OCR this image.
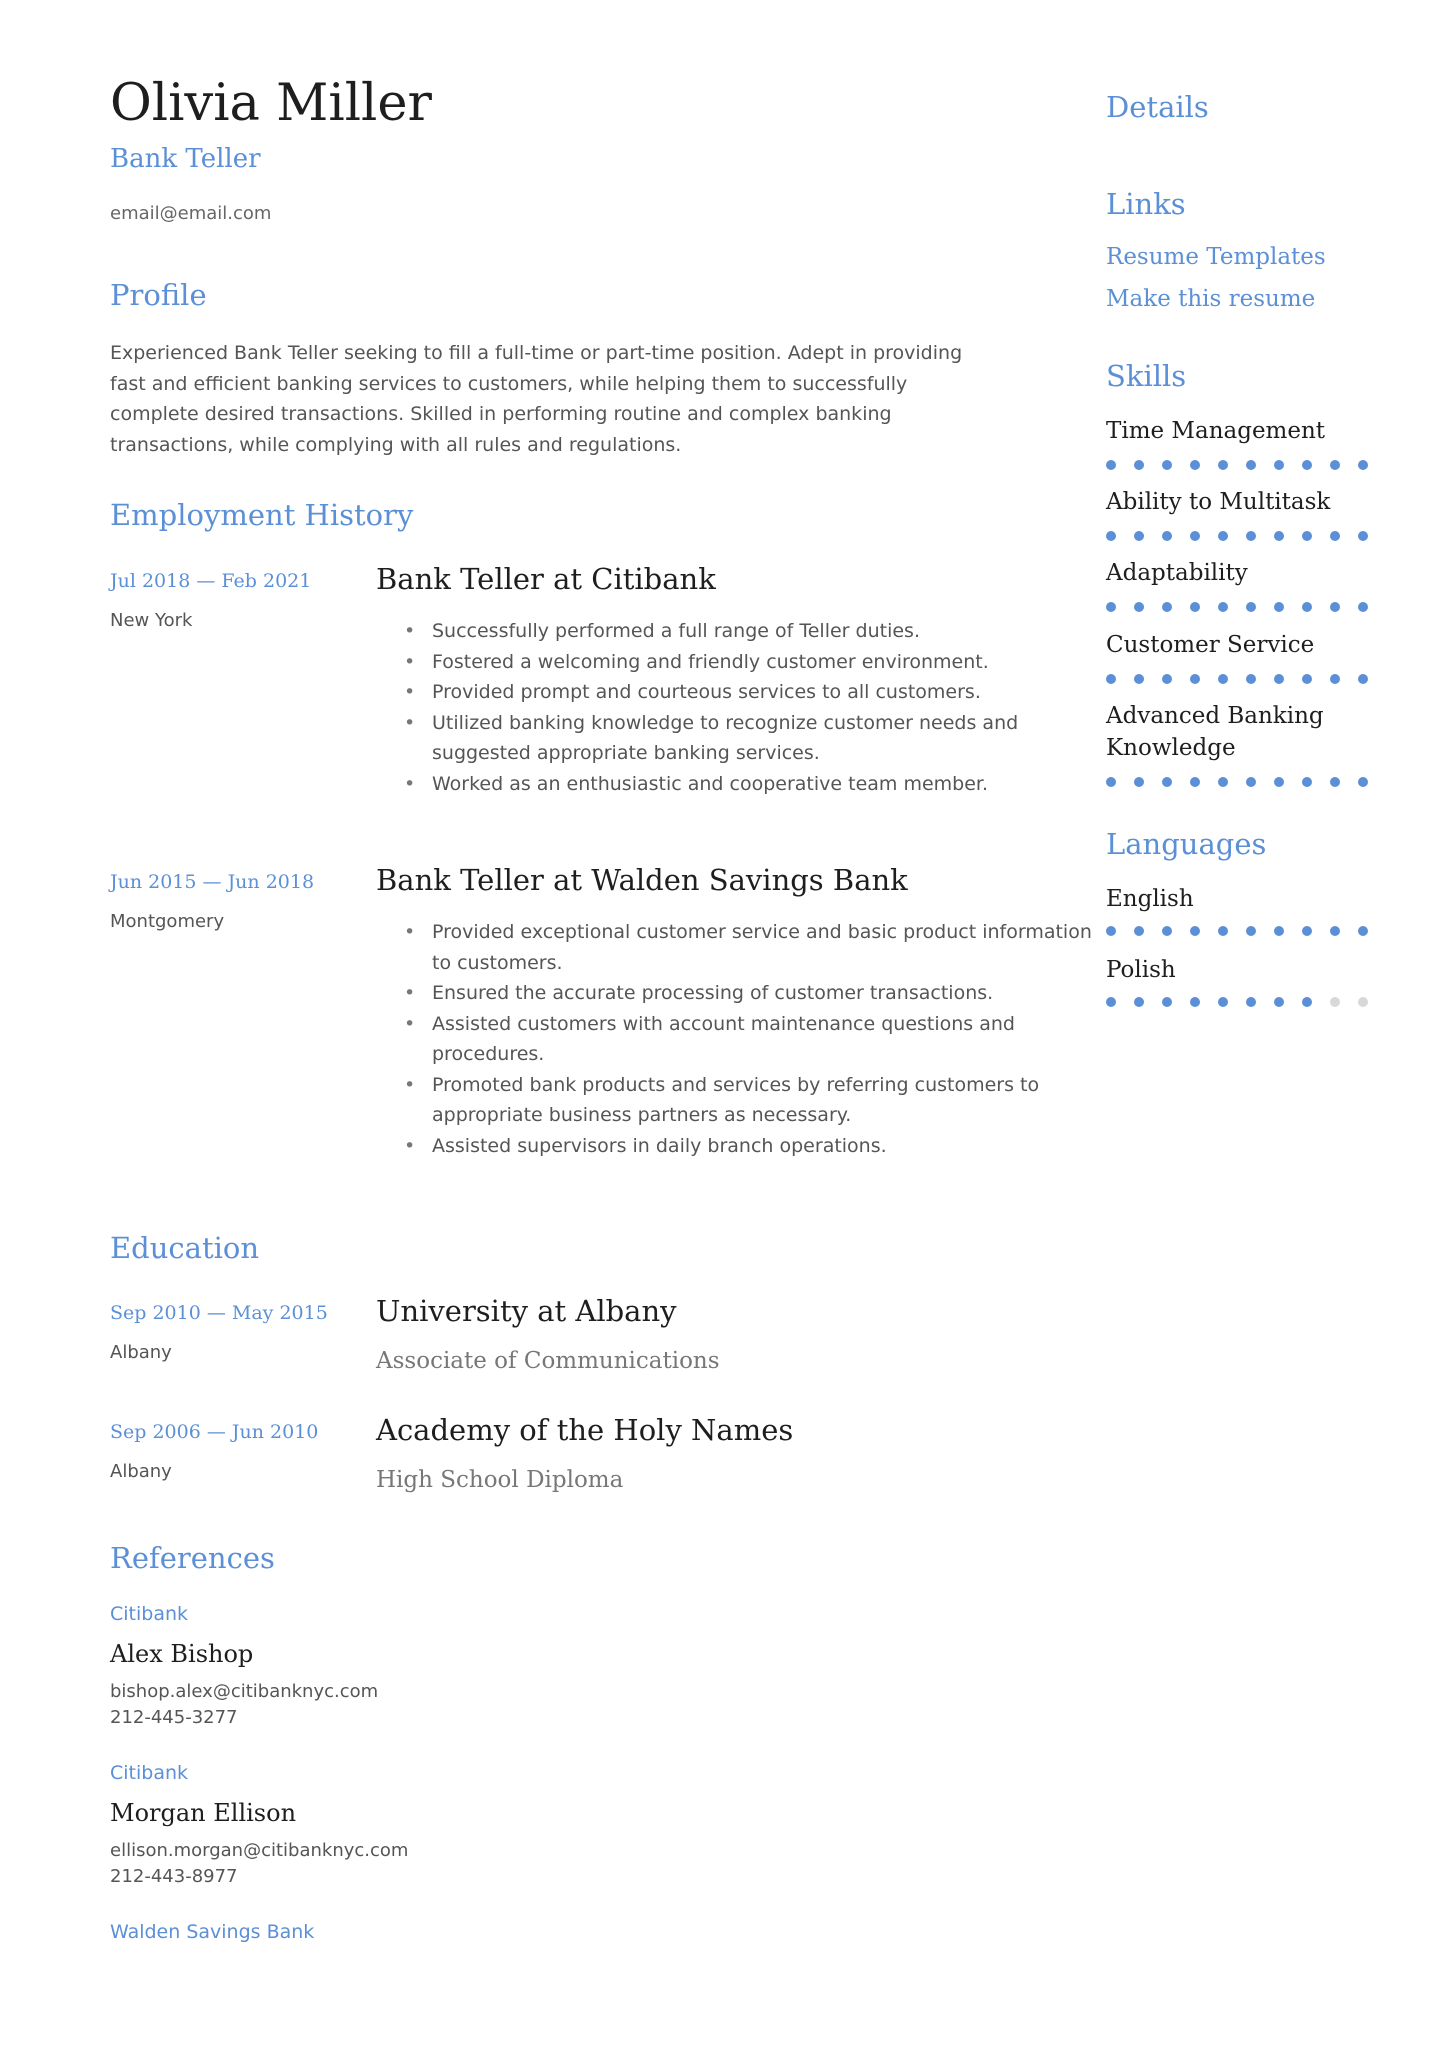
Olivia Miller
Bank Teller
email@email.com
Profile

Experienced Bank Teller seeking to fill a full-time or part-time position. Adept in providing fast and efficient banking services to customers, while helping them to successfully complete desired transactions. Skilled in performing routine and complex banking transactions, while complying with all rules and regulations.

Employment History
Jul 2018 — Feb 2021
New York
Bank Teller at Citibank
• Successfully performed a full range of Teller duties.
• Fostered a welcoming and friendly customer environment.
• Provided prompt and courteous services to all customers.
• Utilized banking knowledge to recognize customer needs and suggested appropriate banking services.
• Worked as an enthusiastic and cooperative team member.
Jun 2015 — Jun 2018
Montgomery
Bank Teller at Walden Savings Bank
• Provided exceptional customer service and basic product information to customers.
• Ensured the accurate processing of customer transactions.
• Assisted customers with account maintenance questions and procedures.
• Promoted bank products and services by referring customers to appropriate business partners as necessary.
• Assisted supervisors in daily branch operations.
Education
Sep 2010 — May 2015
Albany
University at Albany
Associate of Communications
Sep 2006 — Jun 2010
Albany
Academy of the Holy Names
High School Diploma
References
Citibank
Alex Bishop
bishop.alex@citibanknyc.com
212-445-3277
Citibank
Morgan Ellison
ellison.morgan@citibanknyc.com
212-443-8977
Walden Savings Bank
Details
Links
Resume Templates
Make this resume
Skills
Time Management
Ability to Multitask
Adaptability
Customer Service
Advanced Banking Knowledge
Languages
English
Polish
